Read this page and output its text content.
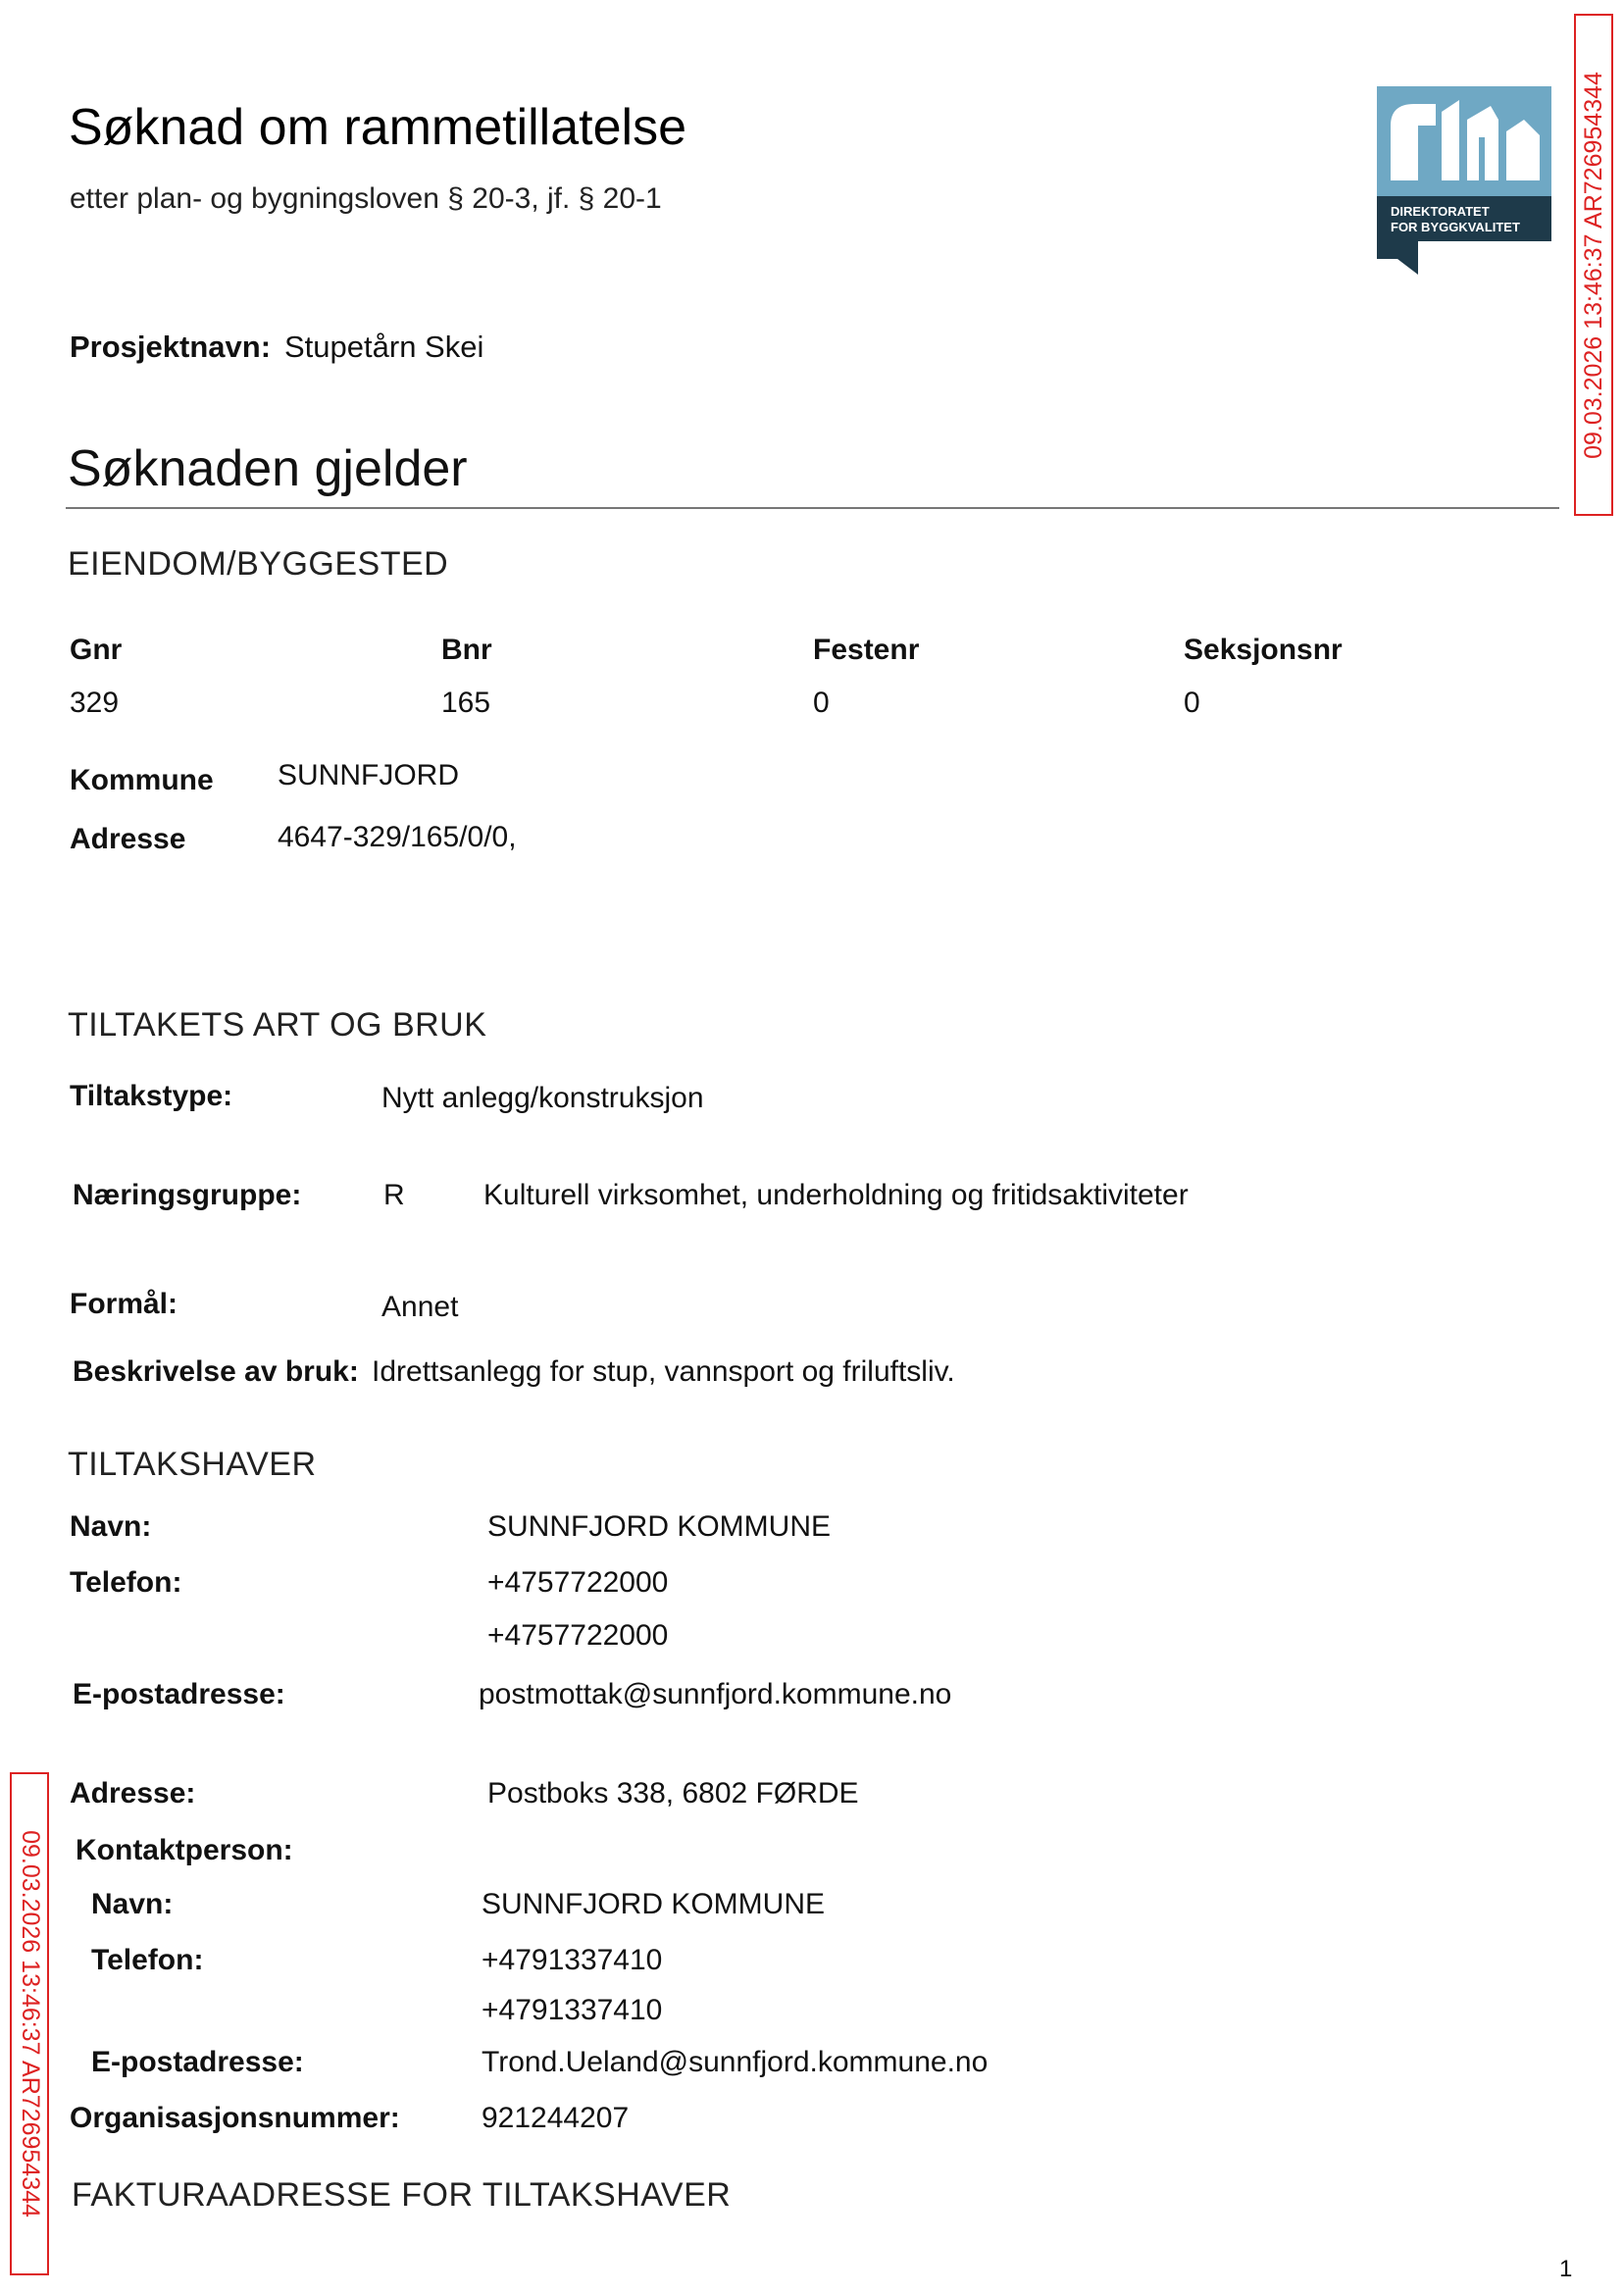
Søknad om rammetillatelse
etter plan- og bygningsloven § 20-3, jf. § 20-1	DIREKTORATET
FOR BYGGKVALITET 09.03.2026 13:46:37 AR726954344
09.03.2026 13:46:37 AR726954344
Prosjektnavn: Stupetårn Skei
Søknaden gjelder
EIENDOM/BYGGESTED
Gnr	Bnr	Festenr	Seksjonsnr
329	165	0	0
Kommune SUNNFJORD
Adresse	4647-329/165/0/0,
TILTAKETS ART OG BRUK
Tiltakstype:	Nytt anlegg/konstruksjon
Næringsgruppe:	R	Kulturell virksomhet, underholdning og fritidsaktiviteter
Formål:	Annet
Beskrivelse av bruk: Idrettsanlegg for stup, vannsport og friluftsliv.
TILTAKSHAVER
Navn:	SUNNFJORD KOMMUNE
Telefon:	+4757722000
+4757722000
E-postadresse:	postmottak@sunnfjord.kommune.no
Adresse:	Postboks 338, 6802 FØRDE
Kontaktperson:
Navn:	SUNNFJORD KOMMUNE
Telefon:	+4791337410
+4791337410
E-postadresse:	Trond.Ueland@sunnfjord.kommune.no
Organisasjonsnummer:	921244207
FAKTURAADRESSE FOR TILTAKSHAVER
1
